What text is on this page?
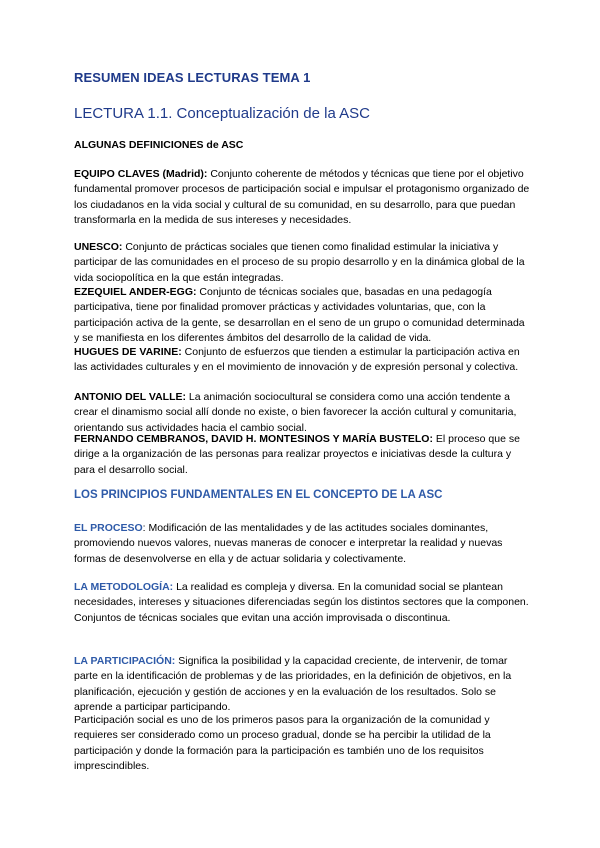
RESUMEN IDEAS LECTURAS TEMA 1
LECTURA 1.1. Conceptualización de la ASC
ALGUNAS DEFINICIONES de ASC

EQUIPO CLAVES (Madrid): Conjunto coherente de métodos y técnicas que tiene por el objetivo fundamental promover procesos de participación social e impulsar el protagonismo organizado de los ciudadanos en la vida social y cultural de su comunidad, en su desarrollo, para que puedan transformarla en la medida de sus intereses y necesidades.

UNESCO: Conjunto de prácticas sociales que tienen como finalidad estimular la iniciativa y participar de las comunidades en el proceso de su propio desarrollo y en la dinámica global de la vida sociopolítica en la que están integradas.

EZEQUIEL ANDER-EGG: Conjunto de técnicas sociales que, basadas en una pedagogía participativa, tiene por finalidad promover prácticas y actividades voluntarias, que, con la participación activa de la gente, se desarrollan en el seno de un grupo o comunidad determinada y se manifiesta en los diferentes ámbitos del desarrollo de la calidad de vida.

HUGUES DE VARINE: Conjunto de esfuerzos que tienden a estimular la participación activa en las actividades culturales y en el movimiento de innovación y de expresión personal y colectiva.

ANTONIO DEL VALLE: La animación sociocultural se considera como una acción tendente a crear el dinamismo social allí donde no existe, o bien favorecer la acción cultural y comunitaria, orientando sus actividades hacia el cambio social.

FERNANDO CEMBRANOS, DAVID H. MONTESINOS Y MARÍA BUSTELO: El proceso que se dirige a la organización de las personas para realizar proyectos e iniciativas desde la cultura y para el desarrollo social.

LOS PRINCIPIOS FUNDAMENTALES EN EL CONCEPTO DE LA ASC

EL PROCESO: Modificación de las mentalidades y de las actitudes sociales dominantes, promoviendo nuevos valores, nuevas maneras de conocer e interpretar la realidad y nuevas formas de desenvolverse en ella y de actuar solidaria y colectivamente.

LA METODOLOGÍA: La realidad es compleja y diversa. En la comunidad social se plantean necesidades, intereses y situaciones diferenciadas según los distintos sectores que la componen. Conjuntos de técnicas sociales que evitan una acción improvisada o discontinua.

LA PARTICIPACIÓN: Significa la posibilidad y la capacidad creciente, de intervenir, de tomar parte en la identificación de problemas y de las prioridades, en la definición de objetivos, en la planificación, ejecución y gestión de acciones y en la evaluación de los resultados. Solo se aprende a participar participando.

Participación social es uno de los primeros pasos para la organización de la comunidad y requieres ser considerado como un proceso gradual, donde se ha percibir la utilidad de la participación y donde la formación para la participación es también uno de los requisitos imprescindibles.
